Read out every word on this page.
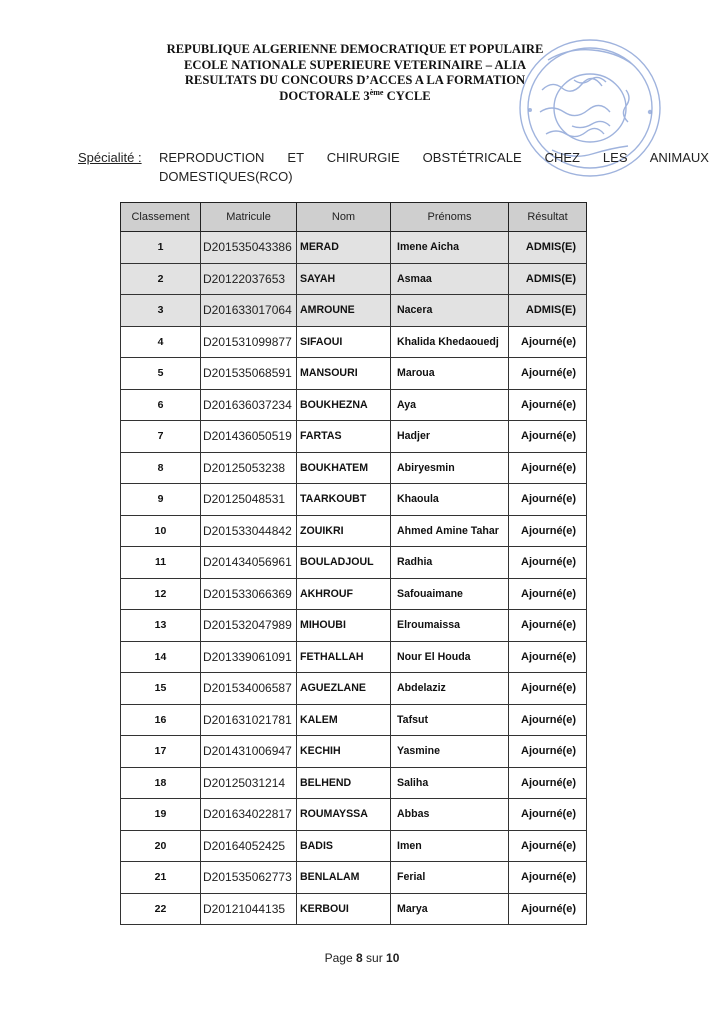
REPUBLIQUE ALGERIENNE DEMOCRATIQUE ET POPULAIRE
ECOLE NATIONALE SUPERIEURE VETERINAIRE – ALIA
RESULTATS DU CONCOURS D’ACCES A LA FORMATION
DOCTORALE 3ème CYCLE
Spécialité : REPRODUCTION ET CHIRURGIE OBSTÉTRICALE CHEZ LES ANIMAUX
DOMESTIQUES(RCO)
Classement	Matricule	Nom	Prénoms	Résultat
1	D201535043386	MERAD	Imene Aicha	ADMIS(E)
2	D20122037653	SAYAH	Asmaa	ADMIS(E)
3	D201633017064	AMROUNE	Nacera	ADMIS(E)
4	D201531099877	SIFAOUI	Khalida Khedaouedj	Ajourné(e)
5	D201535068591	MANSOURI	Maroua	Ajourné(e)
6	D201636037234	BOUKHEZNA	Aya	Ajourné(e)
7	D201436050519	FARTAS	Hadjer	Ajourné(e)
8	D20125053238	BOUKHATEM	Abiryesmin	Ajourné(e)
9	D20125048531	TAARKOUBT	Khaoula	Ajourné(e)
10	D201533044842	ZOUIKRI	Ahmed Amine Tahar	Ajourné(e)
11	D201434056961	BOULADJOUL	Radhia	Ajourné(e)
12	D201533066369	AKHROUF	Safouaimane	Ajourné(e)
13	D201532047989	MIHOUBI	Elroumaissa	Ajourné(e)
14	D201339061091	FETHALLAH	Nour El Houda	Ajourné(e)
15	D201534006587	AGUEZLANE	Abdelaziz	Ajourné(e)
16	D201631021781	KALEM	Tafsut	Ajourné(e)
17	D201431006947	KECHIH	Yasmine	Ajourné(e)
18	D20125031214	BELHEND	Saliha	Ajourné(e)
19	D201634022817	ROUMAYSSA	Abbas	Ajourné(e)
20	D20164052425	BADIS	Imen	Ajourné(e)
21	D201535062773	BENLALAM	Ferial	Ajourné(e)
22	D20121044135	KERBOUI	Marya	Ajourné(e)
Page 8 sur 10
